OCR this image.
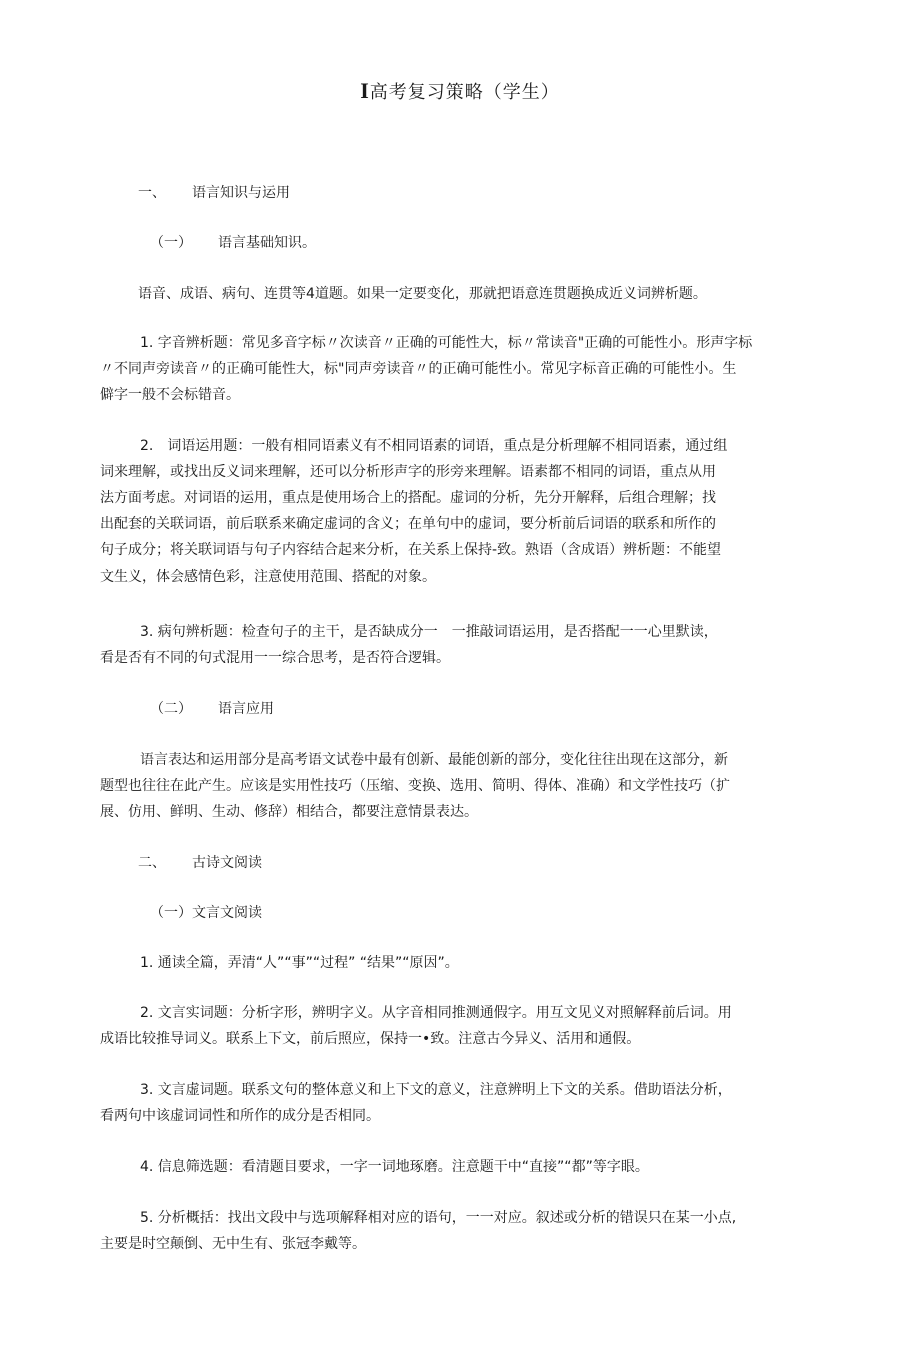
I高考复习策略（学生）
一、 语言知识与运用
（一） 语言基础知识。
语音、成语、病句、连贯等4道题。如果一定要变化，那就把语意连贯题换成近义词辨析题。
1. 字音辨析题：常见多音字标〃次读音〃正确的可能性大，标〃常读音"正确的可能性小。形声字标
〃不同声旁读音〃的正确可能性大，标"同声旁读音〃的正确可能性小。常见字标音正确的可能性小。生
僻字一般不会标错音。
2.　词语运用题：一般有相同语素义有不相同语素的词语，重点是分析理解不相同语素，通过组
词来理解，或找出反义词来理解，还可以分析形声字的形旁来理解。语素都不相同的词语，重点从用
法方面考虑。对词语的运用，重点是使用场合上的搭配。虚词的分析，先分开解释，后组合理解；找
出配套的关联词语，前后联系来确定虚词的含义；在单句中的虚词，要分析前后词语的联系和所作的
句子成分；将关联词语与句子内容结合起来分析，在关系上保持-致。熟语（含成语）辨析题：不能望
文生义，体会感情色彩，注意使用范围、搭配的对象。
3. 病句辨析题：检查句子的主干，是否缺成分一　一推敲词语运用，是否搭配一一心里默读，
看是否有不同的句式混用一一综合思考，是否符合逻辑。
（二） 语言应用
语言表达和运用部分是高考语文试卷中最有创新、最能创新的部分，变化往往出现在这部分，新
题型也往往在此产生。应该是实用性技巧（压缩、变换、选用、简明、得体、准确）和文学性技巧（扩
展、仿用、鲜明、生动、修辞）相结合，都要注意情景表达。
二、 古诗文阅读
（一）文言文阅读
1. 通读全篇，弄清“人”“事”“过程” “结果”“原因”。
2. 文言实词题：分析字形，辨明字义。从字音相同推测通假字。用互文见义对照解释前后词。用
成语比较推导词义。联系上下文，前后照应，保持一•致。注意古今异义、活用和通假。
3. 文言虚词题。联系文句的整体意义和上下文的意义，注意辨明上下文的关系。借助语法分析，
看两句中该虚词词性和所作的成分是否相同。
4. 信息筛选题：看清题目要求，一字一词地琢磨。注意题干中“直接”“都”等字眼。
5. 分析概括：找出文段中与选项解释相对应的语句，一一对应。叙述或分析的错误只在某一小点,
主要是时空颠倒、无中生有、张冠李戴等。
